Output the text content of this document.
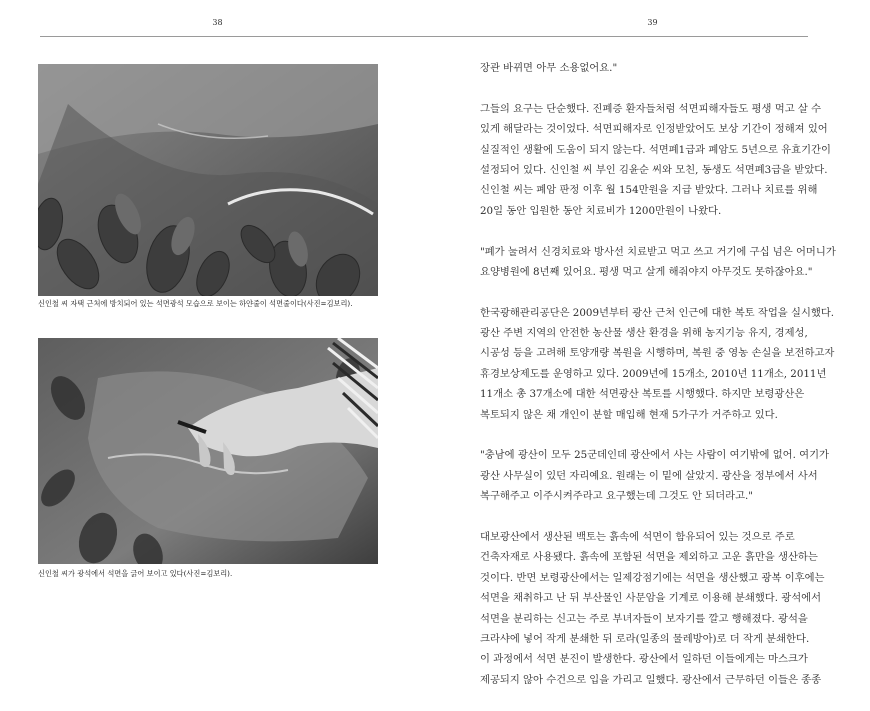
38
신인철 씨 자택 근처에 방치되어 있는 석면광석 모습으로 보이는 하얀줄이 석면줄이다(사진=김보리).
신인철 씨가 광석에서 석면을 긁어 보이고 있다(사진=김보리).
39
장관 바뀌면 아무 소용없어요."
그들의 요구는 단순했다. 진폐증 환자들처럼 석면피해자들도 평생 먹고 살 수
있게 해달라는 것이었다. 석면피해자로 인정받았어도 보상 기간이 정해져 있어
실질적인 생활에 도움이 되지 않는다. 석면폐1급과 폐암도 5년으로 유효기간이
설정되어 있다. 신인철 씨 부인 김윤순 씨와 모친, 동생도 석면폐3급을 받았다.
신인철 씨는 폐암 판정 이후 월 154만원을 지급 받았다. 그러나 치료를 위해
20일 동안 입원한 동안 치료비가 1200만원이 나왔다.
"폐가 눌려서 신경치료와 방사선 치료받고 먹고 쓰고 거기에 구십 넘은 어머니가
요양병원에 8년째 있어요. 평생 먹고 살게 해줘야지 아무것도 못하잖아요."
한국광해관리공단은 2009년부터 광산 근처 인근에 대한 복토 작업을 실시했다.
광산 주변 지역의 안전한 농산물 생산 환경을 위해 농지기능 유지, 경제성,
시공성 등을 고려해 토양개량 복원을 시행하며, 복원 중 영농 손실을 보전하고자
휴경보상제도를 운영하고 있다. 2009년에 15개소, 2010년 11개소, 2011년
11개소 총 37개소에 대한 석면광산 복토를 시행했다. 하지만 보령광산은
복토되지 않은 채 개인이 분할 매입해 현재 5가구가 거주하고 있다.
"충남에 광산이 모두 25군데인데 광산에서 사는 사람이 여기밖에 없어. 여기가
광산 사무실이 있던 자리예요. 원래는 이 밑에 살았지. 광산을 정부에서 사서
복구해주고 이주시켜주라고 요구했는데 그것도 안 되더라고."
대보광산에서 생산된 백토는 흙속에 석면이 함유되어 있는 것으로 주로
건축자재로 사용됐다. 흙속에 포함된 석면을 제외하고 고운 흙만을 생산하는
것이다. 반면 보령광산에서는 일제강점기에는 석면을 생산했고 광복 이후에는
석면을 채취하고 난 뒤 부산물인 사문암을 기계로 이용해 분쇄했다. 광석에서
석면을 분리하는 신고는 주로 부녀자들이 보자기를 깔고 행해졌다. 광석을
크라샤에 넣어 작게 분쇄한 뒤 로라(일종의 물레방아)로 더 작게 분쇄한다.
이 과정에서 석면 분진이 발생한다. 광산에서 일하던 이들에게는 마스크가
제공되지 않아 수건으로 입을 가리고 일했다. 광산에서 근무하던 이들은 종종
